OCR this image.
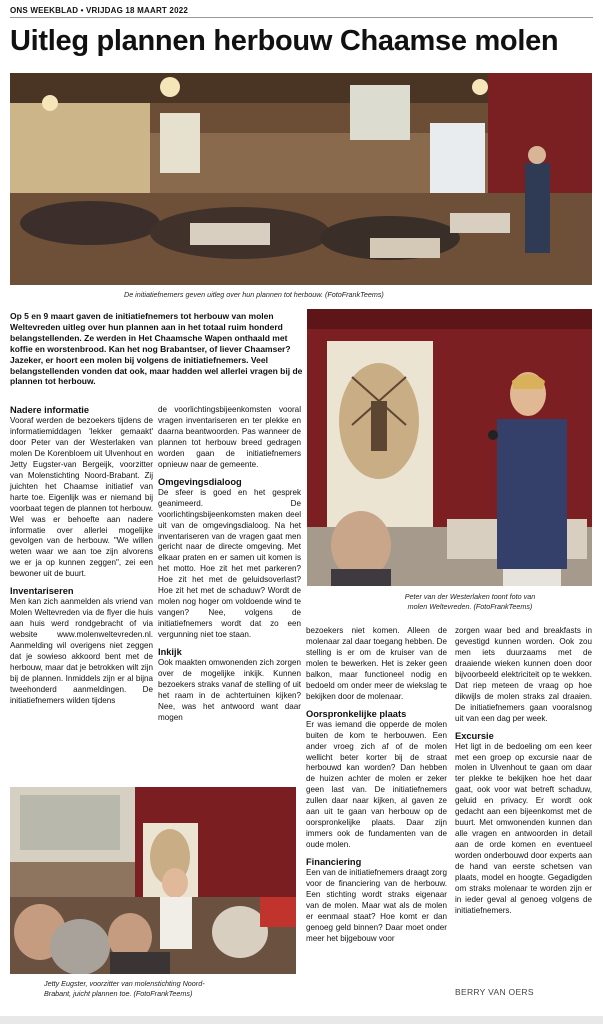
ONS WEEKBLAD • VRIJDAG 18 MAART 2022
Uitleg plannen herbouw Chaamse molen
De initiatiefnemers geven uitleg over hun plannen tot herbouw. (FotoFrankTeems)
Op 5 en 9 maart gaven de initiatiefnemers tot herbouw van molen Weltevreden uitleg over hun plannen aan in het totaal ruim honderd belangstellenden. Ze werden in Het Chaamsche Wapen onthaald met koffie en worstenbrood. Kan het nog Brabantser, of liever Chaamser? Jazeker, er hoort een molen bij volgens de initiatiefnemers. Veel belangstellenden vonden dat ook, maar hadden wel allerlei vragen bij de plannen tot herbouw.
Peter van der Westerlaken toont foto van
molen Weltevreden. (FotoFrankTeems)
Nadere informatie

Vooraf werden de bezoekers tijdens de informatiemiddagen 'lekker gemaakt' door Peter van der Westerlaken van molen De Korenbloem uit Ulvenhout en Jetty Eugster-van Bergeijk, voorzitter van Molenstichting Noord-Brabant. Zij juichten het Chaamse initiatief van harte toe. Eigenlijk was er niemand bij voorbaat tegen de plannen tot herbouw. Wel was er behoefte aan nadere informatie over allerlei mogelijke gevolgen van de herbouw. "We willen weten waar we aan toe zijn alvorens we er ja op kunnen zeggen", zei een bewoner uit de buurt.

Inventariseren

Men kan zich aanmelden als vriend van Molen Weltevreden via de flyer die huis aan huis werd rondgebracht of via website www.molenweltevreden.nl. Aanmelding wil overigens niet zeggen dat je sowieso akkoord bent met de herbouw, maar dat je betrokken wilt zijn bij de plannen. Inmiddels zijn er al bijna tweehonderd aanmeldingen. De initiatiefnemers wilden tijdens

de voorlichtingsbijeenkomsten vooral vragen inventariseren en ter plekke en daarna beantwoorden. Pas wanneer de plannen tot herbouw breed gedragen worden gaan de initiatiefnemers opnieuw naar de gemeente.

Omgevingsdialoog

De sfeer is goed en het gesprek geanimeerd. De voorlichtingsbijeenkomsten maken deel uit van de omgevingsdialoog. Na het inventariseren van de vragen gaat men gericht naar de directe omgeving. Met elkaar praten en er samen uit komen is het motto. Hoe zit het met parkeren? Hoe zit het met de geluidsoverlast? Hoe zit het met de schaduw? Wordt de molen nog hoger om voldoende wind te vangen? Nee, volgens de initiatiefnemers wordt dat zo een vergunning niet toe staan.

Inkijk

Ook maakten omwonenden zich zorgen over de mogelijke inkijk. Kunnen bezoekers straks vanaf de stelling of uit het raam in de achtertuinen kijken? Nee, was het antwoord want daar mogen

Jetty Eugster, voorzitter van molenstichting Noord-
Brabant, juicht plannen toe. (FotoFrankTeems)

bezoekers niet komen. Alleen de molenaar zal daar toegang hebben. De stelling is er om de kruiser van de molen te bewerken. Het is zeker geen balkon, maar functioneel nodig en bedoeld om onder meer de wiekslag te bekijken door de molenaar.

Oorspronkelijke plaats

Er was iemand die opperde de molen buiten de kom te herbouwen. Een ander vroeg zich af of de molen wellicht beter korter bij de straat herbouwd kan worden? Dan hebben de huizen achter de molen er zeker geen last van. De initiatiefnemers zullen daar naar kijken, al gaven ze aan uit te gaan van herbouw op de oorspronkelijke plaats. Daar zijn immers ook de fundamenten van de oude molen.

Financiering

Een van de initiatiefnemers draagt zorg voor de financiering van de herbouw. Een stichting wordt straks eigenaar van de molen. Maar wat als de molen er eenmaal staat? Hoe komt er dan genoeg geld binnen? Daar moet onder meer het bijgebouw voor

zorgen waar bed and breakfasts in gevestigd kunnen worden. Ook zou men iets duurzaams met de draaiende wieken kunnen doen door bijvoorbeeld elektriciteit op te wekken. Dat riep meteen de vraag op hoe dikwijls de molen straks zal draaien. De initiatiefnemers gaan vooralsnog uit van een dag per week.

Excursie

Het ligt in de bedoeling om een keer met een groep op excursie naar de molen in Ulvenhout te gaan om daar ter plekke te bekijken hoe het daar gaat, ook voor wat betreft schaduw, geluid en privacy. Er wordt ook gedacht aan een bijeenkomst met de buurt. Met omwonenden kunnen dan alle vragen en antwoorden in detail aan de orde komen en eventueel worden onderbouwd door experts aan de hand van eerste schetsen van plaats, model en hoogte. Gegadigden om straks molenaar te worden zijn er in ieder geval al genoeg volgens de initiatiefnemers.

BERRY VAN OERS
